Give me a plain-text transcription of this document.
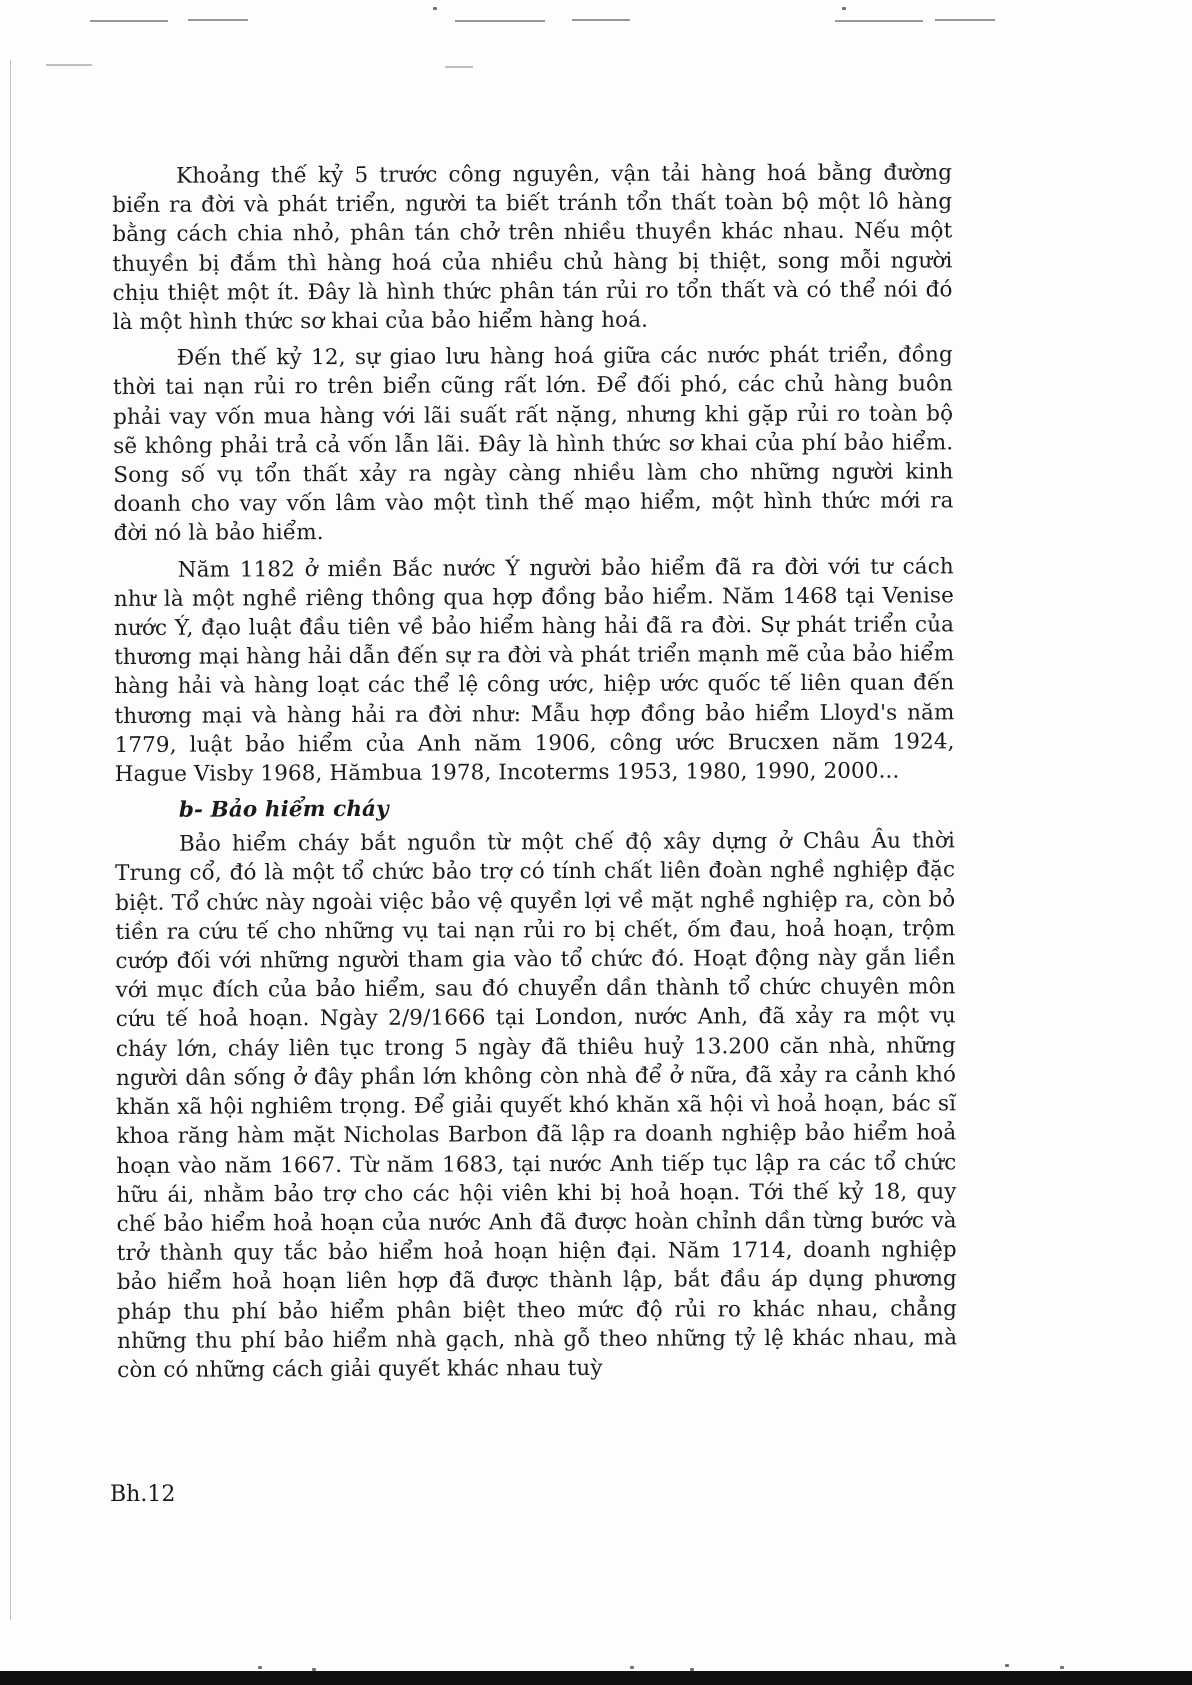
Khoảng thế kỷ 5 trước công nguyên, vận tải hàng hoá bằng đường biển ra đời và phát triển, người ta biết tránh tổn thất toàn bộ một lô hàng bằng cách chia nhỏ, phân tán chở trên nhiều thuyền khác nhau. Nếu một thuyền bị đắm thì hàng hoá của nhiều chủ hàng bị thiệt, song mỗi người chịu thiệt một ít. Đây là hình thức phân tán rủi ro tổn thất và có thể nói đó là một hình thức sơ khai của bảo hiểm hàng hoá.

Đến thế kỷ 12, sự giao lưu hàng hoá giữa các nước phát triển, đồng thời tai nạn rủi ro trên biển cũng rất lớn. Để đối phó, các chủ hàng buôn phải vay vốn mua hàng với lãi suất rất nặng, nhưng khi gặp rủi ro toàn bộ sẽ không phải trả cả vốn lẫn lãi. Đây là hình thức sơ khai của phí bảo hiểm. Song số vụ tổn thất xảy ra ngày càng nhiều làm cho những người kinh doanh cho vay vốn lâm vào một tình thế mạo hiểm, một hình thức mới ra đời nó là bảo hiểm.

Năm 1182 ở miền Bắc nước Ý người bảo hiểm đã ra đời với tư cách như là một nghề riêng thông qua hợp đồng bảo hiểm. Năm 1468 tại Venise nước Ý, đạo luật đầu tiên về bảo hiểm hàng hải đã ra đời. Sự phát triển của thương mại hàng hải dẫn đến sự ra đời và phát triển mạnh mẽ của bảo hiểm hàng hải và hàng loạt các thể lệ công ước, hiệp ước quốc tế liên quan đến thương mại và hàng hải ra đời như: Mẫu hợp đồng bảo hiểm Lloyd's năm 1779, luật bảo hiểm của Anh năm 1906, công ước Brucxen năm 1924, Hague Visby 1968, Hămbua 1978, Incoterms 1953, 1980, 1990, 2000...

b- Bảo hiểm cháy

Bảo hiểm cháy bắt nguồn từ một chế độ xây dựng ở Châu Âu thời Trung cổ, đó là một tổ chức bảo trợ có tính chất liên đoàn nghề nghiệp đặc biệt. Tổ chức này ngoài việc bảo vệ quyền lợi về mặt nghề nghiệp ra, còn bỏ tiền ra cứu tế cho những vụ tai nạn rủi ro bị chết, ốm đau, hoả hoạn, trộm cướp đối với những người tham gia vào tổ chức đó. Hoạt động này gắn liền với mục đích của bảo hiểm, sau đó chuyển dần thành tổ chức chuyên môn cứu tế hoả hoạn. Ngày 2/9/1666 tại London, nước Anh, đã xảy ra một vụ cháy lớn, cháy liên tục trong 5 ngày đã thiêu huỷ 13.200 căn nhà, những người dân sống ở đây phần lớn không còn nhà để ở nữa, đã xảy ra cảnh khó khăn xã hội nghiêm trọng. Để giải quyết khó khăn xã hội vì hoả hoạn, bác sĩ khoa răng hàm mặt Nicholas Barbon đã lập ra doanh nghiệp bảo hiểm hoả hoạn vào năm 1667. Từ năm 1683, tại nước Anh tiếp tục lập ra các tổ chức hữu ái, nhằm bảo trợ cho các hội viên khi bị hoả hoạn. Tới thế kỷ 18, quy chế bảo hiểm hoả hoạn của nước Anh đã được hoàn chỉnh dần từng bước và trở thành quy tắc bảo hiểm hoả hoạn hiện đại. Năm 1714, doanh nghiệp bảo hiểm hoả hoạn liên hợp đã được thành lập, bắt đầu áp dụng phương pháp thu phí bảo hiểm phân biệt theo mức độ rủi ro khác nhau, chẳng những thu phí bảo hiểm nhà gạch, nhà gỗ theo những tỷ lệ khác nhau, mà còn có những cách giải quyết khác nhau tuỳ

Bh.12
